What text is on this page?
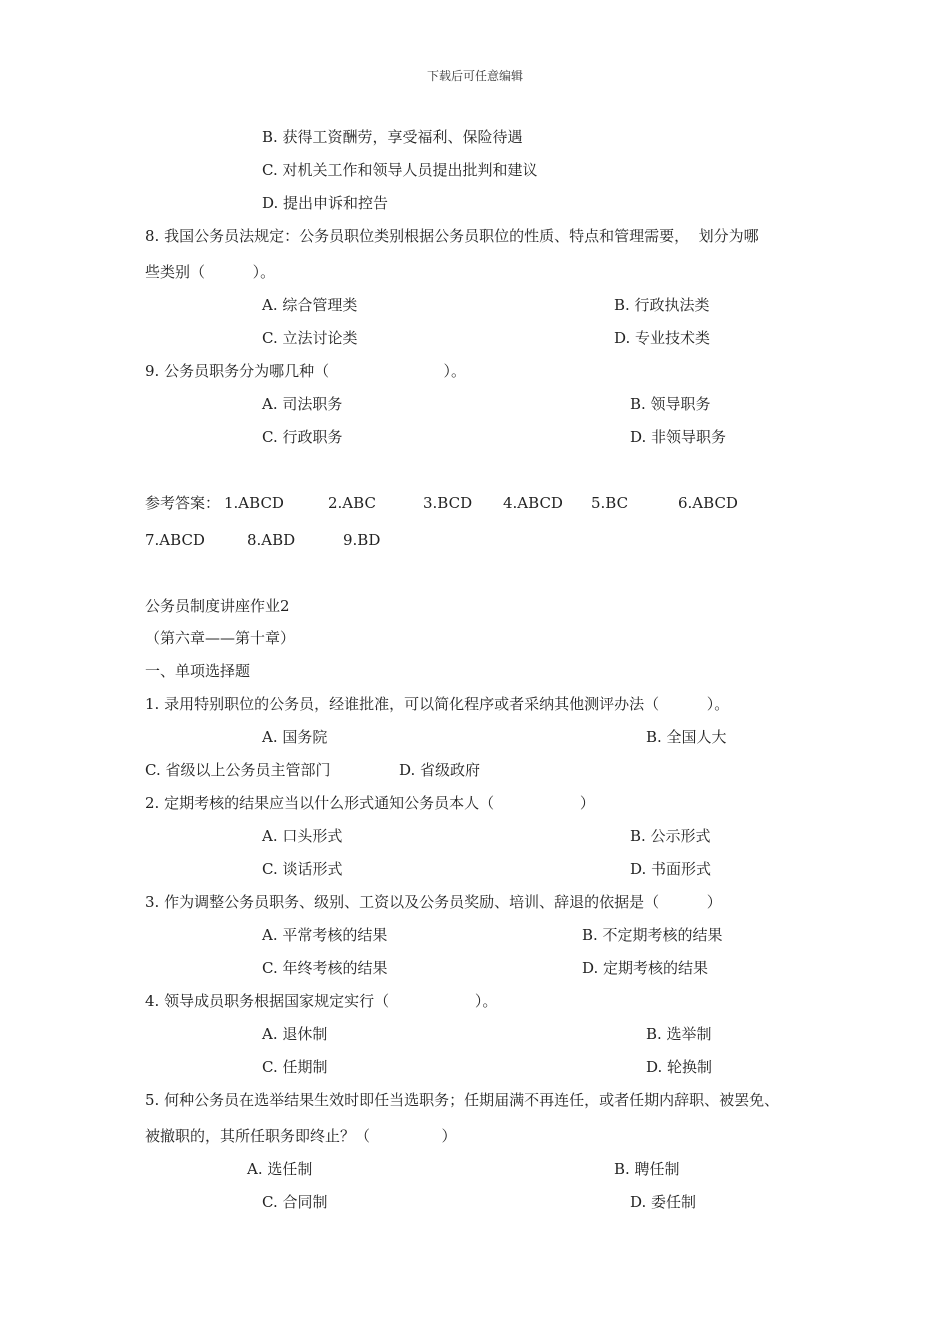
下载后可任意编辑
B. 获得工资酬劳，享受福利、保险待遇
C. 对机关工作和领导人员提出批判和建议
D. 提出申诉和控告
8. 我国公务员法规定：公务员职位类别根据公务员职位的性质、特点和管理需要，  划分为哪
些类别（          ）。
A. 综合管理类	B. 行政执法类
C. 立法讨论类	D. 专业技术类
9. 公务员职务分为哪几种（                        ）。
A. 司法职务	B. 领导职务
C. 行政职务	D. 非领导职务
参考答案： 1.ABCD	2.ABC	3.BCD 4.ABCD 5.BC	6.ABCD
7.ABCD	8.ABD	9.BD
公务员制度讲座作业2
（第六章——第十章）
一、单项选择题
1. 录用特别职位的公务员，经谁批准，可以简化程序或者采纳其他测评办法（          ）。
A. 国务院	B. 全国人大
C. 省级以上公务员主管部门	D. 省级政府
2. 定期考核的结果应当以什么形式通知公务员本人（                  ）
A. 口头形式	B. 公示形式
C. 谈话形式	D. 书面形式
3. 作为调整公务员职务、级别、工资以及公务员奖励、培训、辞退的依据是（          ）
A. 平常考核的结果	B. 不定期考核的结果
C. 年终考核的结果	D. 定期考核的结果
4. 领导成员职务根据国家规定实行（                  ）。
A. 退休制	B. 选举制
C. 任期制	D. 轮换制
5. 何种公务员在选举结果生效时即任当选职务；任期届满不再连任，或者任期内辞职、被罢免、
被撤职的，其所任职务即终止？（               ）
A. 选任制	B. 聘任制
C. 合同制	D. 委任制
